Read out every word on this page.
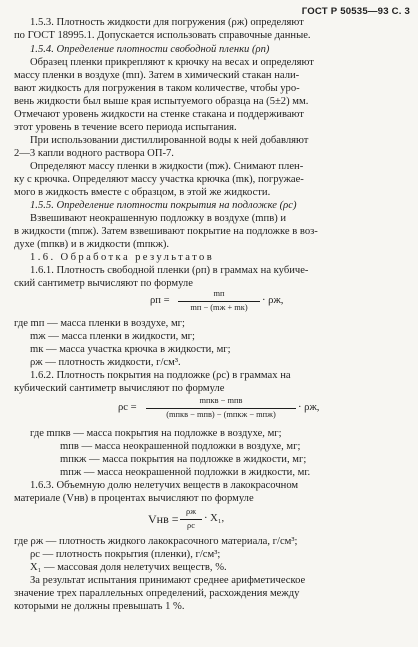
ГОСТ Р 50535—93 С. 3
1.5.3. Плотность жидкости для погружения (ρж) определяют
по ГОСТ 18995.1. Допускается использовать справочные данные.
1.5.4. Определение плотности свободной пленки (ρп)
Образец пленки прикрепляют к крючку на весах и определяют
массу пленки в воздухе (mп). Затем в химический стакан нали-
вают жидкость для погружения в таком количестве, чтобы уро-
вень жидкости был выше края испытуемого образца на (5±2) мм.
Отмечают уровень жидкости на стенке стакана и поддерживают
этот уровень в течение всего периода испытания.
При использовании дистиллированной воды к ней добавляют
2—3 капли водного раствора ОП-7.
Определяют массу пленки в жидкости (mж). Снимают плен-
ку с крючка. Определяют массу участка крючка (mк), погружае-
мого в жидкость вместе с образцом, в этой же жидкости.
1.5.5. Определение плотности покрытия на подложке (ρс)
Взвешивают неокрашенную подложку в воздухе (mпв) и
в жидкости (mпж). Затем взвешивают покрытие на подложке в воз-
духе (mпкв) и в жидкости (mпкж).
1.6. Обработка результатов
1.6.1. Плотность свободной пленки (ρп) в граммах на кубиче-
ский сантиметр вычисляют по формуле
ρп =
mп
mп − (mж + mк)
· ρж,
где mп — масса пленки в воздухе, мг;
mж — масса пленки в жидкости, мг;
mк — масса участка крючка в жидкости, мг;
ρж — плотность жидкости, г/см³.
1.6.2. Плотность покрытия на подложке (ρс) в граммах на
кубический сантиметр вычисляют по формуле
ρс =
mпкв − mпв
(mпкв − mпв) − (mпкж − mпж)
· ρж,
где mпкв — масса покрытия на подложке в воздухе, мг;
mпв — масса неокрашенной подложки в воздухе, мг;
mпкж — масса покрытия на подложке в жидкости, мг;
mпж — масса неокрашенной подложки в жидкости, мг.
1.6.3. Объемную долю нелетучих веществ в лакокрасочном
материале (Vнв) в процентах вычисляют по формуле
Vнв =
ρж
ρс
· X₁,
где ρж — плотность жидкого лакокрасочного материала, г/см³;
ρс — плотность покрытия (пленки), г/см³;
X₁ — массовая доля нелетучих веществ, %.
За результат испытания принимают среднее арифметическое
значение трех параллельных определений, расхождения между
которыми не должны превышать 1 %.
